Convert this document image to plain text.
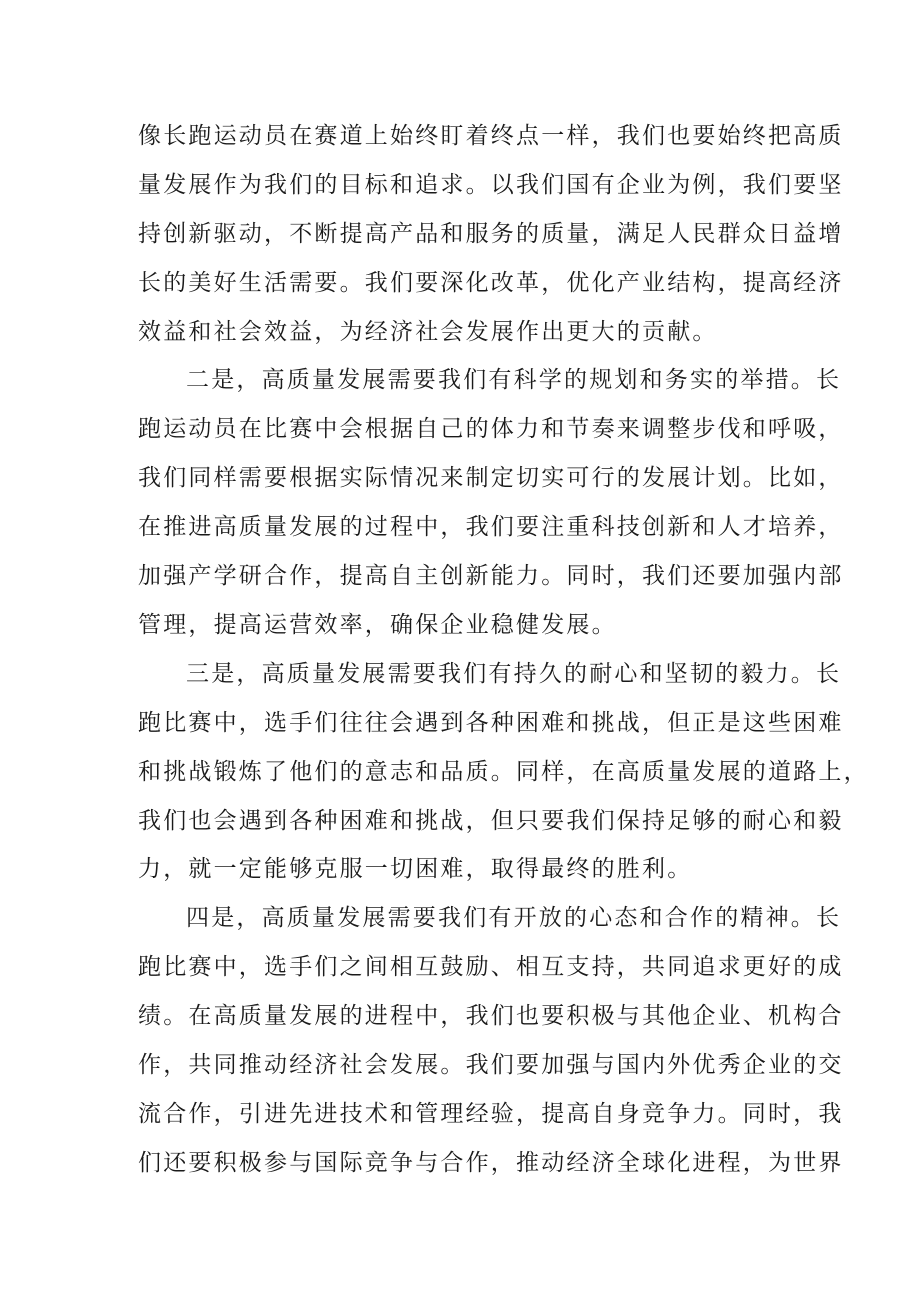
像长跑运动员在赛道上始终盯着终点一样，我们也要始终把高质
量发展作为我们的目标和追求。以我们国有企业为例，我们要坚
持创新驱动，不断提高产品和服务的质量，满足人民群众日益增
长的美好生活需要。我们要深化改革，优化产业结构，提高经济
效益和社会效益，为经济社会发展作出更大的贡献。
二是，高质量发展需要我们有科学的规划和务实的举措。长
跑运动员在比赛中会根据自己的体力和节奏来调整步伐和呼吸，
我们同样需要根据实际情况来制定切实可行的发展计划。比如，
在推进高质量发展的过程中，我们要注重科技创新和人才培养，
加强产学研合作，提高自主创新能力。同时，我们还要加强内部
管理，提高运营效率，确保企业稳健发展。
三是，高质量发展需要我们有持久的耐心和坚韧的毅力。长
跑比赛中，选手们往往会遇到各种困难和挑战，但正是这些困难
和挑战锻炼了他们的意志和品质。同样，在高质量发展的道路上，
我们也会遇到各种困难和挑战，但只要我们保持足够的耐心和毅
力，就一定能够克服一切困难，取得最终的胜利。
四是，高质量发展需要我们有开放的心态和合作的精神。长
跑比赛中，选手们之间相互鼓励、相互支持，共同追求更好的成
绩。在高质量发展的进程中，我们也要积极与其他企业、机构合
作，共同推动经济社会发展。我们要加强与国内外优秀企业的交
流合作，引进先进技术和管理经验，提高自身竞争力。同时，我
们还要积极参与国际竞争与合作，推动经济全球化进程，为世界
